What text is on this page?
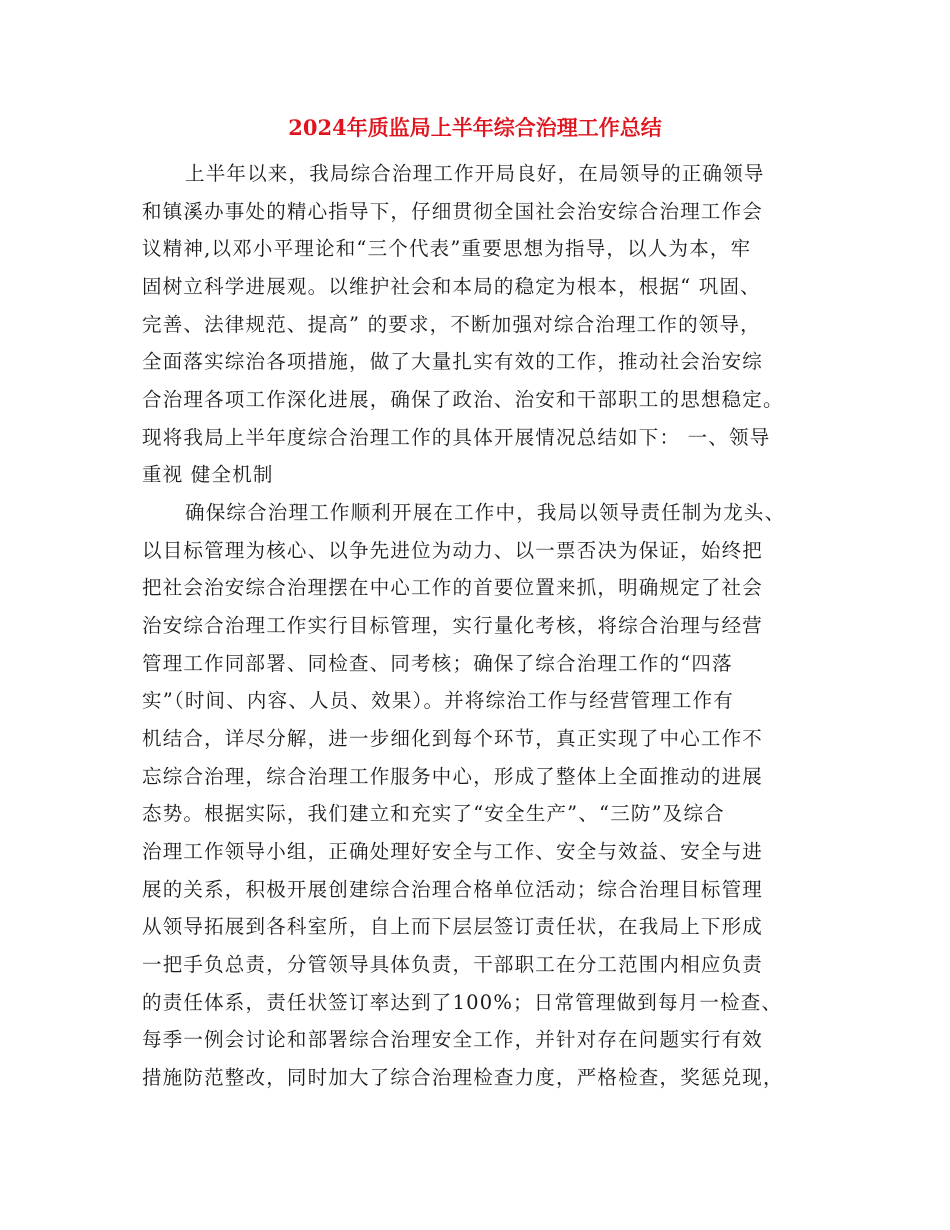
2024年质监局上半年综合治理工作总结
上半年以来，我局综合治理工作开局良好，在局领导的正确领导
和镇溪办事处的精心指导下，仔细贯彻全国社会治安综合治理工作会
议精神,以邓小平理论和“三个代表”重要思想为指导，以人为本，牢
固树立科学进展观。以维护社会和本局的稳定为根本，根据“ 巩固、
完善、法律规范、提高” 的要求，不断加强对综合治理工作的领导，
全面落实综治各项措施，做了大量扎实有效的工作，推动社会治安综
合治理各项工作深化进展，确保了政治、治安和干部职工的思想稳定。
现将我局上半年度综合治理工作的具体开展情况总结如下： 一、领导
重视 健全机制
确保综合治理工作顺利开展在工作中，我局以领导责任制为龙头、
以目标管理为核心、以争先进位为动力、以一票否决为保证，始终把
把社会治安综合治理摆在中心工作的首要位置来抓，明确规定了社会
治安综合治理工作实行目标管理，实行量化考核，将综合治理与经营
管理工作同部署、同检查、同考核；确保了综合治理工作的“四落
实”（时间、内容、人员、效果）。并将综治工作与经营管理工作有
机结合，详尽分解，进一步细化到每个环节，真正实现了中心工作不
忘综合治理，综合治理工作服务中心，形成了整体上全面推动的进展
态势。根据实际，我们建立和充实了“安全生产”、“三防”及综合
治理工作领导小组，正确处理好安全与工作、安全与效益、安全与进
展的关系，积极开展创建综合治理合格单位活动；综合治理目标管理
从领导拓展到各科室所，自上而下层层签订责任状，在我局上下形成
一把手负总责，分管领导具体负责，干部职工在分工范围内相应负责
的责任体系，责任状签订率达到了100%；日常管理做到每月一检查、
每季一例会讨论和部署综合治理安全工作，并针对存在问题实行有效
措施防范整改，同时加大了综合治理检查力度，严格检查，奖惩兑现，
